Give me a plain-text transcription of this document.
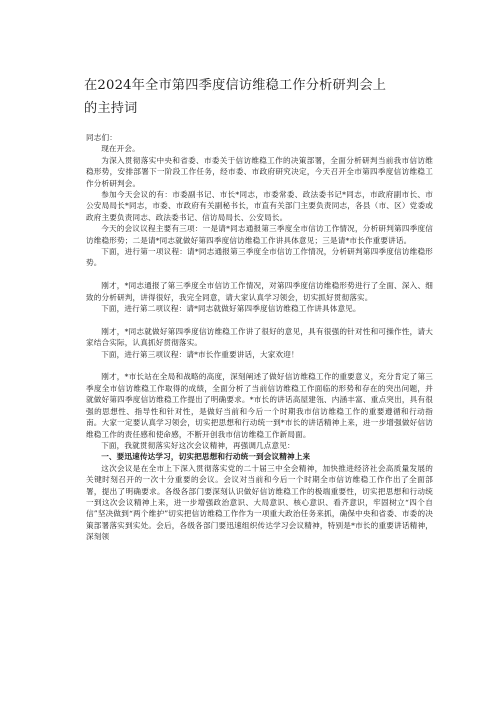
在2024年全市第四季度信访维稳工作分析研判会上
的主持词

同志们：

现在开会。

为深入贯彻落实中央和省委、市委关于信访维稳工作的决策部署，全面分析研判当前我市信访维稳形势，安排部署下一阶段工作任务，经市委、市政府研究决定，今天召开全市第四季度信访维稳工作分析研判会。

参加今天会议的有：市委副书记、市长*同志，市委常委、政法委书记*同志，市政府副市长、市公安局局长*同志，市委、市政府有关副秘书长，市直有关部门主要负责同志，各县（市、区）党委或政府主要负责同志、政法委书记、信访局局长、公安局长。

今天的会议议程主要有三项：一是请*同志通报第三季度全市信访工作情况，分析研判第四季度信访维稳形势；二是请*同志就做好第四季度信访维稳工作讲具体意见；三是请*市长作重要讲话。

下面，进行第一项议程：请*同志通报第三季度全市信访工作情况，分析研判第四季度信访维稳形势。

刚才，*同志通报了第三季度全市信访工作情况，对第四季度信访维稳形势进行了全面、深入、细致的分析研判，讲得很好，我完全同意，请大家认真学习领会，切实抓好贯彻落实。

下面，进行第二项议程：请*同志就做好第四季度信访维稳工作讲具体意见。

刚才，*同志就做好第四季度信访维稳工作讲了很好的意见，具有很强的针对性和可操作性，请大家结合实际，认真抓好贯彻落实。

下面，进行第三项议程：请*市长作重要讲话，大家欢迎！

刚才，*市长站在全局和战略的高度，深刻阐述了做好信访维稳工作的重要意义，充分肯定了第三季度全市信访维稳工作取得的成绩，全面分析了当前信访维稳工作面临的形势和存在的突出问题，并就做好第四季度信访维稳工作提出了明确要求。*市长的讲话高屋建瓴、内涵丰富、重点突出，具有很强的思想性、指导性和针对性，是做好当前和今后一个时期我市信访维稳工作的重要遵循和行动指南。大家一定要认真学习领会，切实把思想和行动统一到*市长的讲话精神上来，进一步增强做好信访维稳工作的责任感和使命感，不断开创我市信访维稳工作新局面。

下面，我就贯彻落实好这次会议精神，再强调几点意见：

一、要迅速传达学习，切实把思想和行动统一到会议精神上来

这次会议是在全市上下深入贯彻落实党的二十届三中全会精神，加快推进经济社会高质量发展的关键时刻召开的一次十分重要的会议。会议对当前和今后一个时期全市信访维稳工作作出了全面部署，提出了明确要求。各级各部门要深刻认识做好信访维稳工作的极端重要性，切实把思想和行动统一到这次会议精神上来，进一步增强政治意识、大局意识、核心意识、看齐意识，牢固树立“四个自信”坚决做到“两个维护”切实把信访维稳工作作为一项重大政治任务来抓，确保中央和省委、市委的决策部署落实到实处。会后，各级各部门要迅速组织传达学习会议精神，特别是*市长的重要讲话精神，深刻领
